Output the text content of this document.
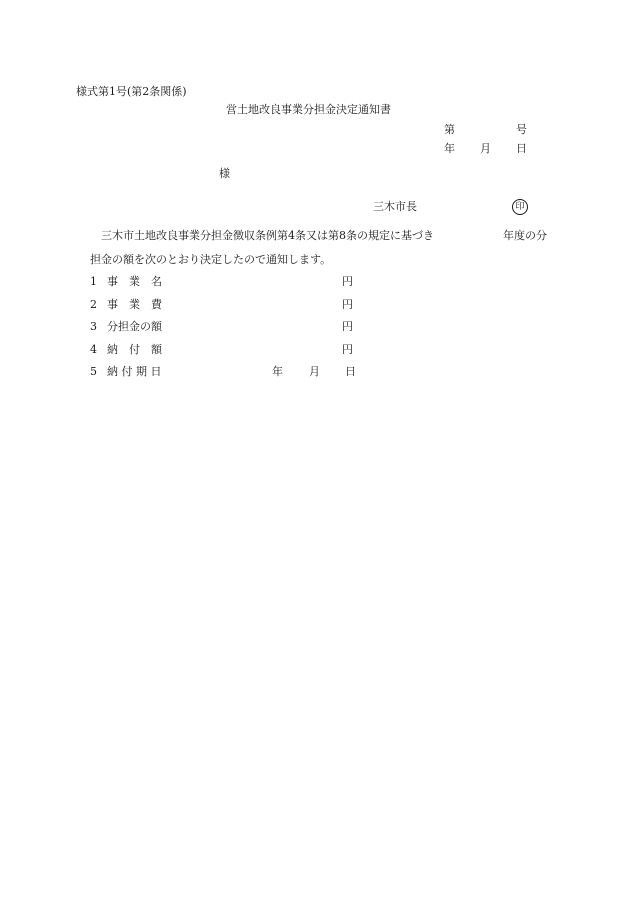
様式第1号(第2条関係)
営土地改良事業分担金決定通知書
第	号
年 月 日
様
三木市長	印
三木市土地改良事業分担金徴収条例第4条又は第8条の規定に基づき	年度の分
担金の額を次のとおり決定したので通知します。
1 事　業　名	円
2 事　業　費	円
3 分担金の額	円
4 納　付　額	円
5 納 付 期 日	年 月 日
